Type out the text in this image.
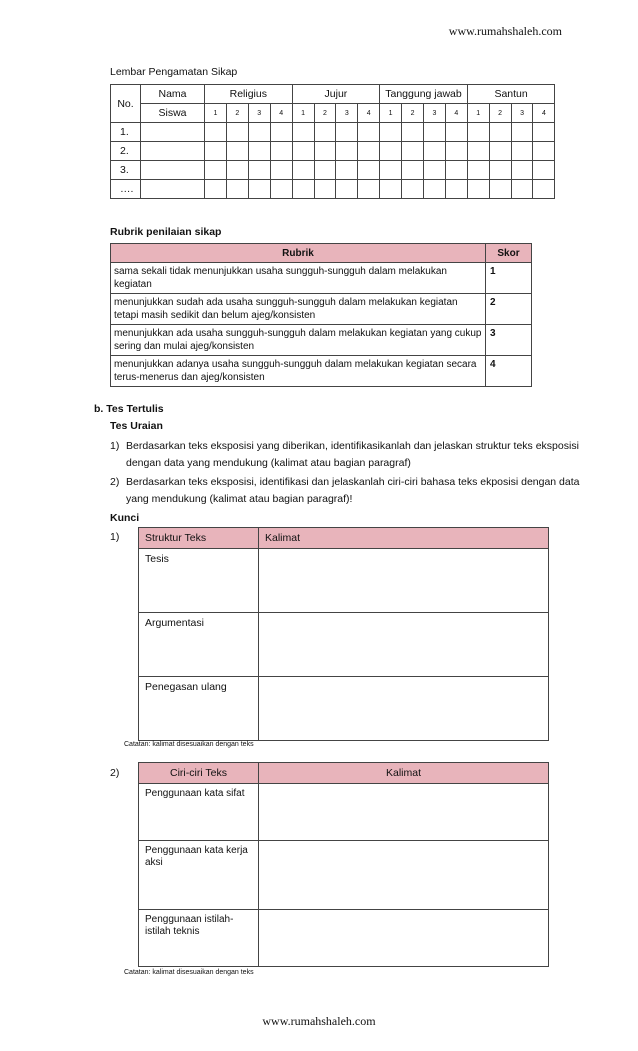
www.rumahshaleh.com
Lembar Pengamatan Sikap
No.	Nama	Religius				Jujur				Tanggung jawab				Santun			
	Siswa	1	2	3	4	1	2	3	4	1	2	3	4	1	2	3	4
1.																	
2.																	
3.																	
….																	
Rubrik penilaian sikap
Rubrik	Skor
sama sekali tidak menunjukkan usaha sungguh-sungguh dalam melakukan kegiatan	1
menunjukkan sudah ada usaha sungguh-sungguh dalam melakukan kegiatan tetapi masih sedikit dan belum ajeg/konsisten	2
menunjukkan ada usaha sungguh-sungguh dalam melakukan kegiatan yang cukup sering dan mulai ajeg/konsisten	3
menunjukkan adanya usaha sungguh-sungguh dalam melakukan kegiatan secara terus-menerus dan ajeg/konsisten	4
b. Tes Tertulis
Tes Uraian
1) Berdasarkan teks eksposisi yang diberikan, identifikasikanlah dan jelaskan struktur teks eksposisi
dengan data yang mendukung (kalimat atau bagian paragraf)
2) Berdasarkan teks eksposisi, identifikasi dan jelaskanlah ciri-ciri bahasa teks ekposisi dengan data
yang mendukung (kalimat atau bagian paragraf)!
Kunci
1) Struktur Teks	Kalimat
Tesis	
Argumentasi	
Penegasan ulang	
Catatan: kalimat disesuaikan dengan teks
2)	Ciri-ciri Teks	Kalimat
Penggunaan kata sifat	
Penggunaan kata kerja aksi	
Penggunaan istilah-istilah teknis	
Catatan: kalimat disesuaikan dengan teks
www.rumahshaleh.com
